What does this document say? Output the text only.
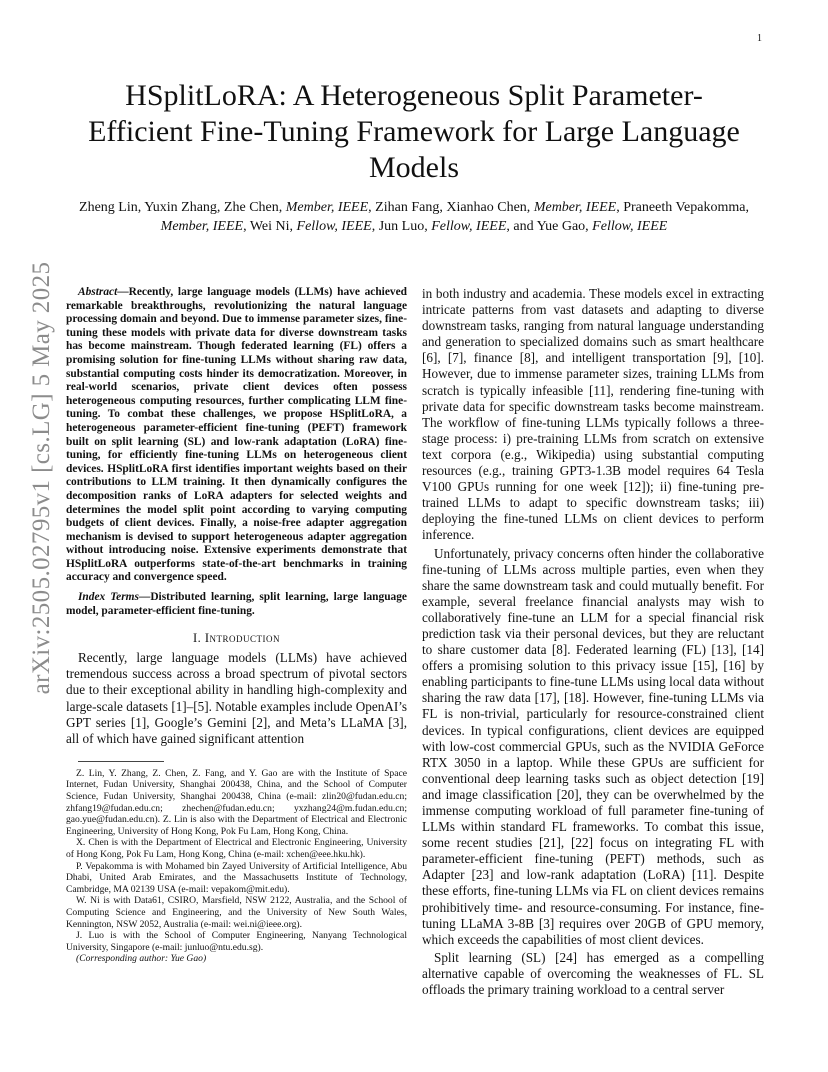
1
arXiv:2505.02795v1 [cs.LG] 5 May 2025
HSplitLoRA: A Heterogeneous Split Parameter-Efficient Fine-Tuning Framework for Large Language Models
Zheng Lin, Yuxin Zhang, Zhe Chen, Member, IEEE, Zihan Fang, Xianhao Chen, Member, IEEE, Praneeth Vepakomma, Member, IEEE, Wei Ni, Fellow, IEEE, Jun Luo, Fellow, IEEE, and Yue Gao, Fellow, IEEE

Abstract—Recently, large language models (LLMs) have achieved remarkable breakthroughs, revolutionizing the natural language processing domain and beyond. Due to immense parameter sizes, fine-tuning these models with private data for diverse downstream tasks has become mainstream. Though federated learning (FL) offers a promising solution for fine-tuning LLMs without sharing raw data, substantial computing costs hinder its democratization. Moreover, in real-world scenarios, private client devices often possess heterogeneous computing resources, further complicating LLM fine-tuning. To combat these challenges, we propose HSplitLoRA, a heterogeneous parameter-efficient fine-tuning (PEFT) framework built on split learning (SL) and low-rank adaptation (LoRA) fine-tuning, for efficiently fine-tuning LLMs on heterogeneous client devices. HSplitLoRA first identifies important weights based on their contributions to LLM training. It then dynamically configures the decomposition ranks of LoRA adapters for selected weights and determines the model split point according to varying computing budgets of client devices. Finally, a noise-free adapter aggregation mechanism is devised to support heterogeneous adapter aggregation without introducing noise. Extensive experiments demonstrate that HSplitLoRA outperforms state-of-the-art benchmarks in training accuracy and convergence speed.

Index Terms—Distributed learning, split learning, large language model, parameter-efficient fine-tuning.

I. Introduction

Recently, large language models (LLMs) have achieved tremendous success across a broad spectrum of pivotal sectors due to their exceptional ability in handling high-complexity and large-scale datasets [1]–[5]. Notable examples include OpenAI’s GPT series [1], Google’s Gemini [2], and Meta’s LLaMA [3], all of which have gained significant attention

Z. Lin, Y. Zhang, Z. Chen, Z. Fang, and Y. Gao are with the Institute of Space Internet, Fudan University, Shanghai 200438, China, and the School of Computer Science, Fudan University, Shanghai 200438, China (e-mail: zlin20@fudan.edu.cn; zhfang19@fudan.edu.cn; zhechen@fudan.edu.cn; yxzhang24@m.fudan.edu.cn; gao.yue@fudan.edu.cn). Z. Lin is also with the Department of Electrical and Electronic Engineering, University of Hong Kong, Pok Fu Lam, Hong Kong, China.

X. Chen is with the Department of Electrical and Electronic Engineering, University of Hong Kong, Pok Fu Lam, Hong Kong, China (e-mail: xchen@eee.hku.hk).

P. Vepakomma is with Mohamed bin Zayed University of Artificial Intelligence, Abu Dhabi, United Arab Emirates, and the Massachusetts Institute of Technology, Cambridge, MA 02139 USA (e-mail: vepakom@mit.edu).

W. Ni is with Data61, CSIRO, Marsfield, NSW 2122, Australia, and the School of Computing Science and Engineering, and the University of New South Wales, Kennington, NSW 2052, Australia (e-mail: wei.ni@ieee.org).

J. Luo is with the School of Computer Engineering, Nanyang Technological University, Singapore (e-mail: junluo@ntu.edu.sg).

(Corresponding author: Yue Gao)

in both industry and academia. These models excel in extracting intricate patterns from vast datasets and adapting to diverse downstream tasks, ranging from natural language understanding and generation to specialized domains such as smart healthcare [6], [7], finance [8], and intelligent transportation [9], [10]. However, due to immense parameter sizes, training LLMs from scratch is typically infeasible [11], rendering fine-tuning with private data for specific downstream tasks become mainstream. The workflow of fine-tuning LLMs typically follows a three-stage process: i) pre-training LLMs from scratch on extensive text corpora (e.g., Wikipedia) using substantial computing resources (e.g., training GPT3-1.3B model requires 64 Tesla V100 GPUs running for one week [12]); ii) fine-tuning pre-trained LLMs to adapt to specific downstream tasks; iii) deploying the fine-tuned LLMs on client devices to perform inference.

Unfortunately, privacy concerns often hinder the collaborative fine-tuning of LLMs across multiple parties, even when they share the same downstream task and could mutually benefit. For example, several freelance financial analysts may wish to collaboratively fine-tune an LLM for a special financial risk prediction task via their personal devices, but they are reluctant to share customer data [8]. Federated learning (FL) [13], [14] offers a promising solution to this privacy issue [15], [16] by enabling participants to fine-tune LLMs using local data without sharing the raw data [17], [18]. However, fine-tuning LLMs via FL is non-trivial, particularly for resource-constrained client devices. In typical configurations, client devices are equipped with low-cost commercial GPUs, such as the NVIDIA GeForce RTX 3050 in a laptop. While these GPUs are sufficient for conventional deep learning tasks such as object detection [19] and image classification [20], they can be overwhelmed by the immense computing workload of full parameter fine-tuning of LLMs within standard FL frameworks. To combat this issue, some recent studies [21], [22] focus on integrating FL with parameter-efficient fine-tuning (PEFT) methods, such as Adapter [23] and low-rank adaptation (LoRA) [11]. Despite these efforts, fine-tuning LLMs via FL on client devices remains prohibitively time- and resource-consuming. For instance, fine-tuning LLaMA 3-8B [3] requires over 20GB of GPU memory, which exceeds the capabilities of most client devices.

Split learning (SL) [24] has emerged as a compelling alternative capable of overcoming the weaknesses of FL. SL offloads the primary training workload to a central server
